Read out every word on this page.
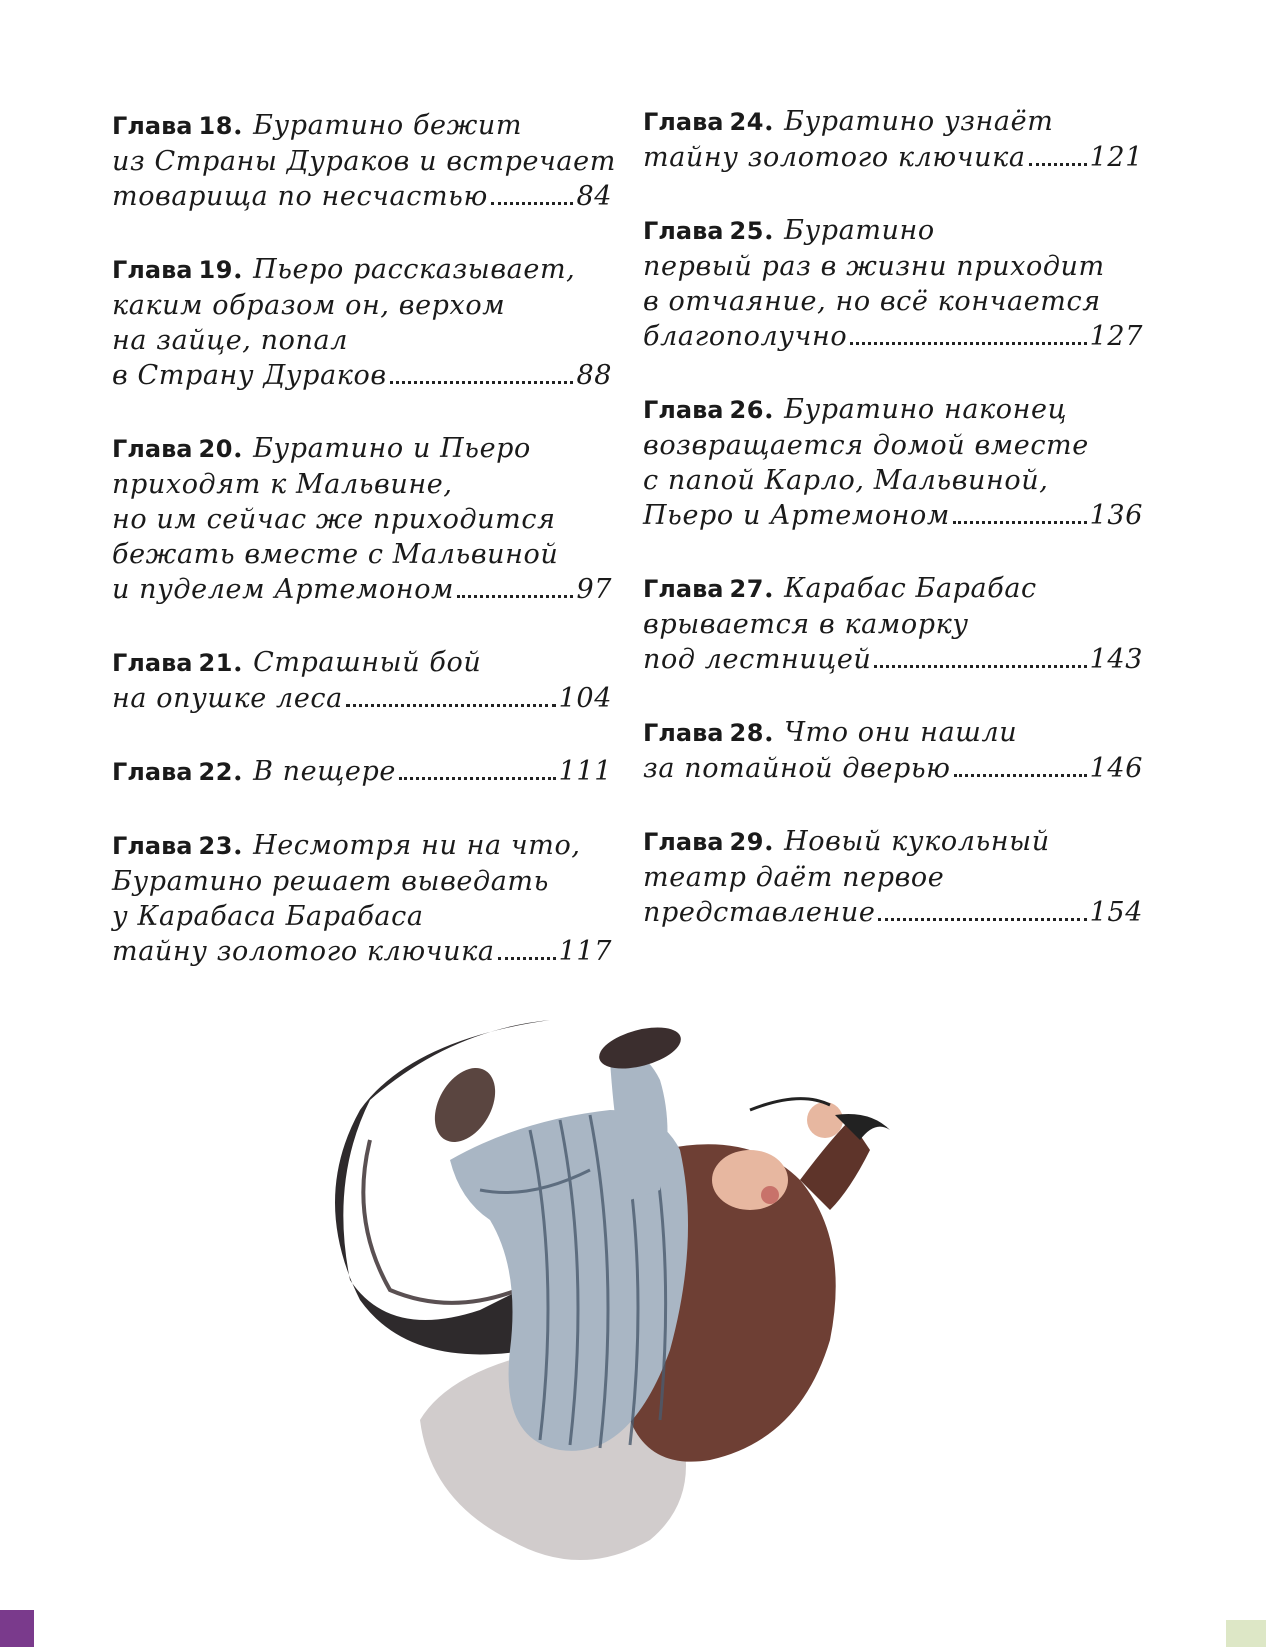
Глава 18. Буратино бежит
из Страны Дураков и встречает
товарища по несчастью	84
Глава 19. Пьеро рассказывает,
каким образом он, верхом
на зайце, попал
в Страну Дураков	88
Глава 20. Буратино и Пьеро
приходят к Мальвине,
но им сейчас же приходится
бежать вместе с Мальвиной
и пуделем Артемоном	97
Глава 21. Страшный бой
на опушке леса	104
Глава 22. В пещере	111
Глава 23. Несмотря ни на что,
Буратино решает выведать
у Карабаса Барабаса
тайну золотого ключика 117
Глава 24. Буратино узнаёт
тайну золотого ключика 121
Глава 25. Буратино
первый раз в жизни приходит
в отчаяние, но всё кончается
благополучно	127
Глава 26. Буратино наконец
возвращается домой вместе
с папой Карло, Мальвиной,
Пьеро и Артемоном	136
Глава 27. Карабас Барабас
врывается в каморку
под лестницей	143
Глава 28. Что они нашли
за потайной дверью	146
Глава 29. Новый кукольный
театр даёт первое
представление	154
